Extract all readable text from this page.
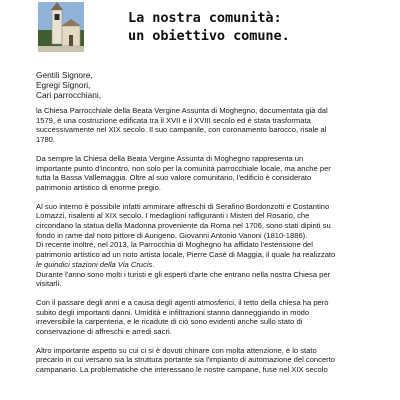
La nostra comunità:
un obiettivo comune.
Gentili Signore,
Egregi Signori,
Cari parrocchiani,

la Chiesa Parrocchiale della Beata Vergine Assunta di Moghegno, documentata già dal
1579, è una costruzione edificata tra il XVII e il XVIII secolo ed è stata trasformata
successivamente nel XIX secolo. Il suo campanile, con coronamento barocco, risale al
1780.

Da sempre la Chiesa della Beata Vergine Assunta di Moghegno rappresenta un
importante punto d'incontro, non solo per la comunità parrocchiale locale, ma anche per
tutta la Bassa Vallemaggia. Oltre al suo valore comunitario, l'edificio è considerato
patrimonio artistico di enorme pregio.

Al suo interno è possibile infatti ammirare affreschi di Serafino Bordonzotti e Costantino
Lomazzi, risalenti al XIX secolo. I medaglioni raffiguranti i Misteri del Rosario, che
circondano la statua della Madonna proveniente da Roma nel 1706, sono stati dipinti su
fondo in rame dal noto pittore di Aurigeno, Giovanni Antonio Vanoni (1810-1886).
Di recente inoltre, nel 2013, la Parrocchia di Moghegno ha affidato l'estensione del
patrimonio artistico ad un noto artista locale, Pierre Casè di Maggia, il quale ha realizzato
le quindici stazioni della Via Crucis.
Durante l'anno sono molti i turisti e gli esperti d'arte che entrano nella nostra Chiesa per
visitarli.

Con il passare degli anni e a causa degli agenti atmosferici, il tetto della chiesa ha però
subito degli importanti danni. Umidità e infiltrazioni stanno danneggiando in modo
irreversibile la carpenteria, e le ricadute di ciò sono evidenti anche sullo stato di
conservazione di affreschi e arredi sacri.

Altro importante aspetto su cui ci si è dovuti chinare con molta attenzione, è lo stato
precario in cui versano sia la struttura portante sia l'impianto di automazione del concerto
campanario. La problematiche che interessano le nostre campane, fuse nel XIX secolo
